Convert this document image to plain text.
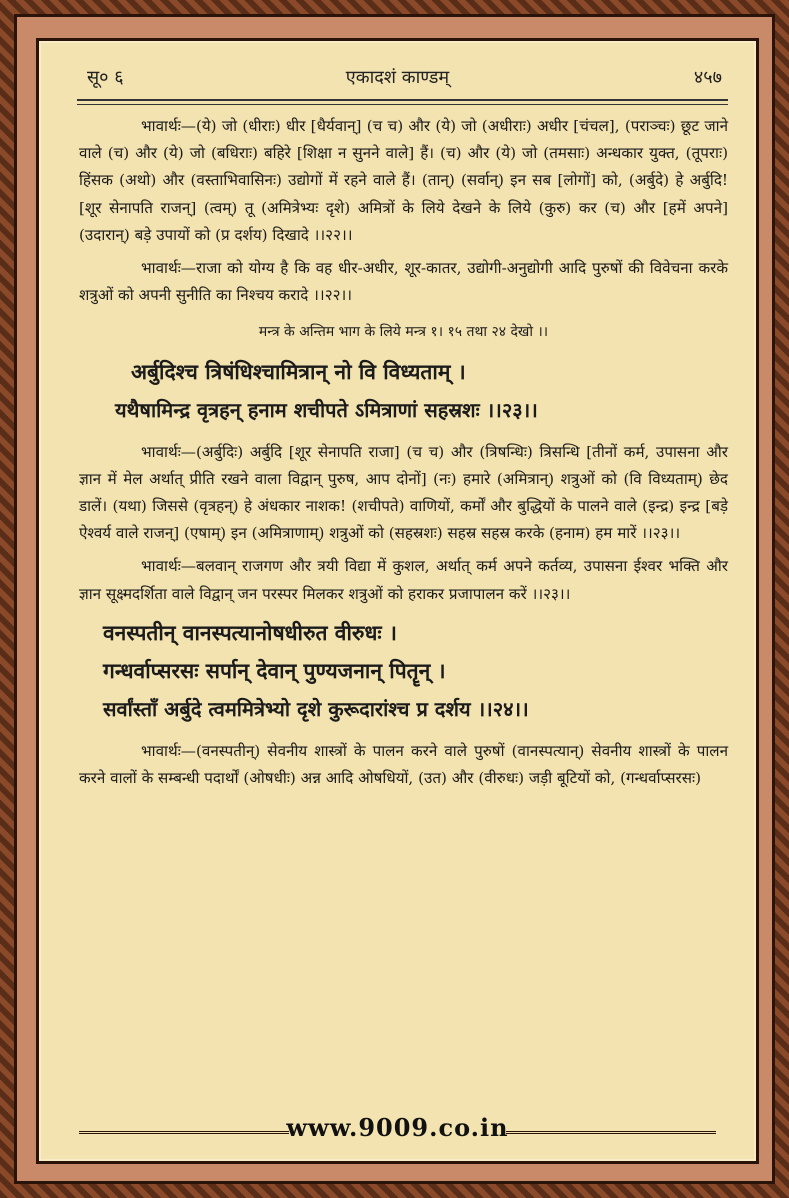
सू० ६	एकादशं काण्डम्	४५७

भावार्थः—(ये) जो (धीराः) धीर [धैर्यवान्] (च च) और (ये) जो (अधीराः) अधीर [चंचल], (पराञ्चः) छूट जाने वाले (च) और (ये) जो (बधिराः) बहिरे [शिक्षा न सुनने वाले] हैं। (च) और (ये) जो (तमसाः) अन्धकार युक्त, (तूपराः) हिंसक (अथो) और (वस्ताभिवासिनः) उद्योगों में रहने वाले हैं। (तान्) (सर्वान्) इन सब [लोगों] को, (अर्बुदे) हे अर्बुदि! [शूर सेनापति राजन्] (त्वम्) तू (अमित्रेभ्यः दृशे) अमित्रों के लिये देखने के लिये (कुरु) कर (च) और [हमें अपने] (उदारान्) बड़े उपायों को (प्र दर्शय) दिखादे ।।२२।।

भावार्थः—राजा को योग्य है कि वह धीर-अधीर, शूर-कातर, उद्योगी-अनुद्योगी आदि पुरुषों की विवेचना करके शत्रुओं को अपनी सुनीति का निश्चय करादे ।।२२।।

मन्त्र के अन्तिम भाग के लिये मन्त्र १। १५ तथा २४ देखो ।।

अर्बुदिश्च त्रिषंधिश्चामित्रान् नो वि विध्यताम् ।
यथैषामिन्द्र वृत्रहन् हनाम शचीपते ऽमित्राणां सहस्रशः ।।२३।।

भावार्थः—(अर्बुदिः) अर्बुदि [शूर सेनापति राजा] (च च) और (त्रिषन्धिः) त्रिसन्धि [तीनों कर्म, उपासना और ज्ञान में मेल अर्थात् प्रीति रखने वाला विद्वान् पुरुष, आप दोनों] (नः) हमारे (अमित्रान्) शत्रुओं को (वि विध्यताम्) छेद डालें। (यथा) जिससे (वृत्रहन्) हे अंधकार नाशक! (शचीपते) वाणियों, कर्मों और बुद्धियों के पालने वाले (इन्द्र) इन्द्र [बड़े ऐश्वर्य वाले राजन्] (एषाम्) इन (अमित्राणाम्) शत्रुओं को (सहस्रशः) सहस्र सहस्र करके (हनाम) हम मारें ।।२३।।

भावार्थः—बलवान् राजगण और त्रयी विद्या में कुशल, अर्थात् कर्म अपने कर्तव्य, उपासना ईश्वर भक्ति और ज्ञान सूक्ष्मदर्शिता वाले विद्वान् जन परस्पर मिलकर शत्रुओं को हराकर प्रजापालन करें ।।२३।।

वनस्पतीन् वानस्पत्यानोषधीरुत वीरुधः ।
गन्धर्वाप्सरसः सर्पान् देवान् पुण्यजनान् पितॄन् ।
सर्वांस्ताँ अर्बुदे त्वममित्रेभ्यो दृशे कुरूदारांश्च प्र दर्शय ।।२४।।

भावार्थः—(वनस्पतीन्) सेवनीय शास्त्रों के पालन करने वाले पुरुषों (वानस्पत्यान्) सेवनीय शास्त्रों के पालन करने वालों के सम्बन्धी पदार्थों (ओषधीः) अन्न आदि ओषधियों, (उत) और (वीरुधः) जड़ी बूटियों को, (गन्धर्वाप्सरसः)

www.9009.co.in
